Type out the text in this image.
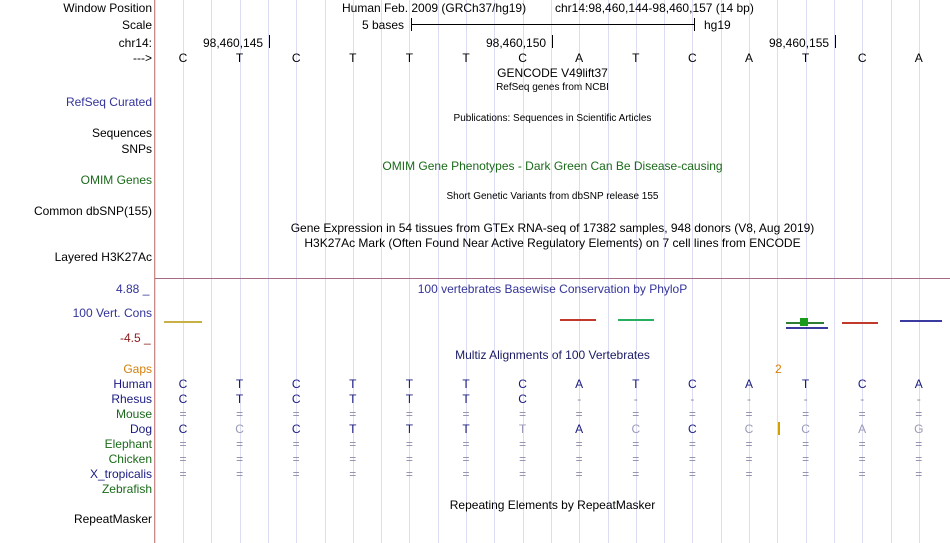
Window Position	Human Feb. 2009 (GRCh37/hg19) chr14:98,460,144-98,460,157 (14 bp)
Scale	5 bases	hg19
chr14:	98,460,145	98,460,150	98,460,155
---> C	T	C	T	T	T	C	A	T	C	A	T	C	A
GENCODE V49lift37
RefSeq genes from NCBI
RefSeq Curated
Publications: Sequences in Scientific Articles
Sequences
SNPs
OMIM Gene Phenotypes - Dark Green Can Be Disease-causing
OMIM Genes
Short Genetic Variants from dbSNP release 155
Common dbSNP(155)
Gene Expression in 54 tissues from GTEx RNA-seq of 17382 samples, 948 donors (V8, Aug 2019)
H3K27Ac Mark (Often Found Near Active Regulatory Elements) on 7 cell lines from ENCODE
Layered H3K27Ac
100 vertebrates Basewise Conservation by PhyloP
4.88 _
100 Vert. Cons
-4.5 _
Multiz Alignments of 100 Vertebrates
Gaps	2
Human C	T	C	T	T	T	C	A	T	C	A	T	C	A
Rhesus C	T	C	T	T	T	C	-	-	-	-	-	-	-
Mouse =	=	=	=	=	=	=	=	=	=	=	=	=	=
Dog C	C	C	T	T	T	T	A	C	C	C	C	A	G
Elephant =	=	=	=	=	=	=	=	=	=	=	=	=	=
Chicken =	=	=	=	=	=	=	=	=	=	=	=	=	=
X_tropicalis =	=	=	=	=	=	=	=	=	=	=	=	=	=
Zebrafish
Repeating Elements by RepeatMasker
RepeatMasker
